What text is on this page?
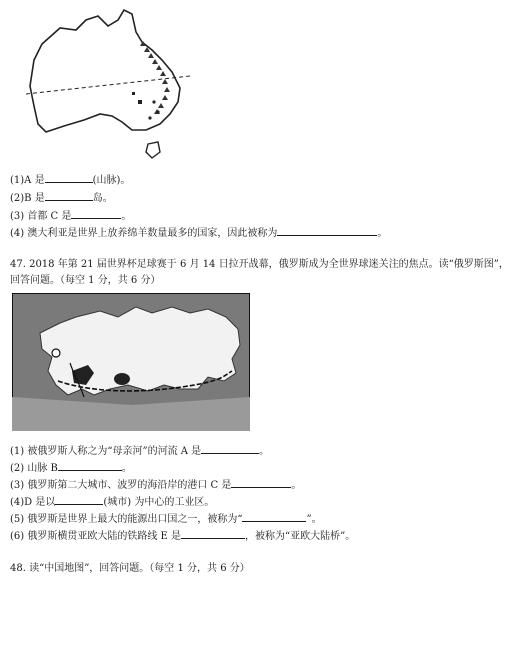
(1)A 是	(山脉)。
(2)B 是	岛。
(3) 首都 C 是	。
(4) 澳大利亚是世界上放养绵羊数量最多的国家，因此被称为	。
47. 2018 年第 21 届世界杯足球赛于 6 月 14 日拉开战幕，俄罗斯成为全世界球迷关注的焦点。读“俄罗斯图”，
回答问题。（每空 1 分，共 6 分）
(1) 被俄罗斯人称之为“母亲河”的河流 A 是	。
(2) 山脉 B	。
(3) 俄罗斯第二大城市、波罗的海沿岸的港口 C 是	。
(4)D 是以	(城市) 为中心的工业区。
(5) 俄罗斯是世界上最大的能源出口国之一，被称为“	”。
(6) 俄罗斯横贯亚欧大陆的铁路线 E 是	，被称为“亚欧大陆桥”。
48. 读“中国地图”，回答问题。（每空 1 分，共 6 分）
